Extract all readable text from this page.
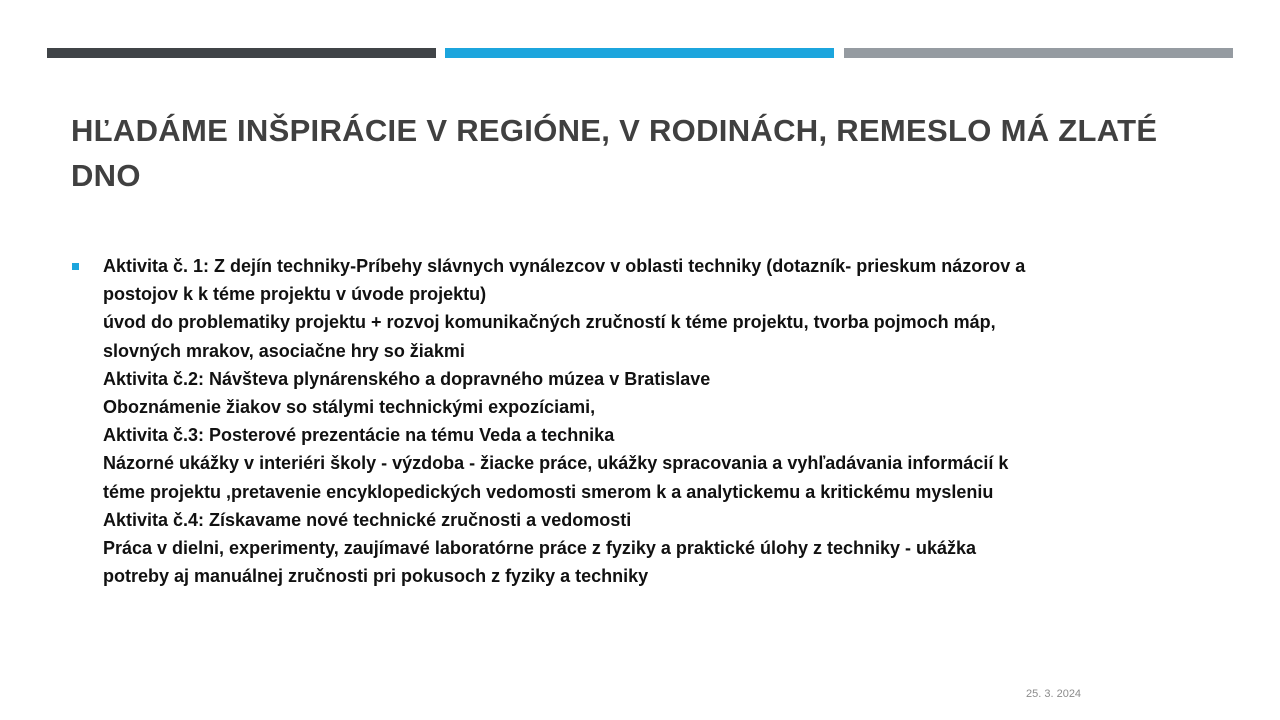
HĽADÁME INŠPIRÁCIE V REGIÓNE, V RODINÁCH, REMESLO MÁ ZLATÉ DNO
Aktivita č. 1: Z dejín techniky-Príbehy slávnych vynálezcov v oblasti techniky (dotazník- prieskum názorov a
postojov k k téme projektu v úvode projektu)
úvod do problematiky projektu + rozvoj komunikačných zručností k téme projektu, tvorba pojmoch máp,
slovných mrakov, asociačne hry so žiakmi
Aktivita č.2: Návšteva plynárenského a dopravného múzea v Bratislave
Oboznámenie žiakov so stálymi technickými expozíciami,
Aktivita č.3: Posterové prezentácie na tému Veda a technika
Názorné ukážky v interiéri školy - výzdoba - žiacke práce, ukážky spracovania a vyhľadávania informácií k
téme projektu ,pretavenie encyklopedických vedomosti smerom k a analytickemu a kritickému mysleniu
Aktivita č.4: Získavame nové technické zručnosti a vedomosti
Práca v dielni, experimenty, zaujímavé laboratórne práce z fyziky a praktické úlohy z techniky - ukážka
potreby aj manuálnej zručnosti pri pokusoch z fyziky a techniky
25. 3. 2024
